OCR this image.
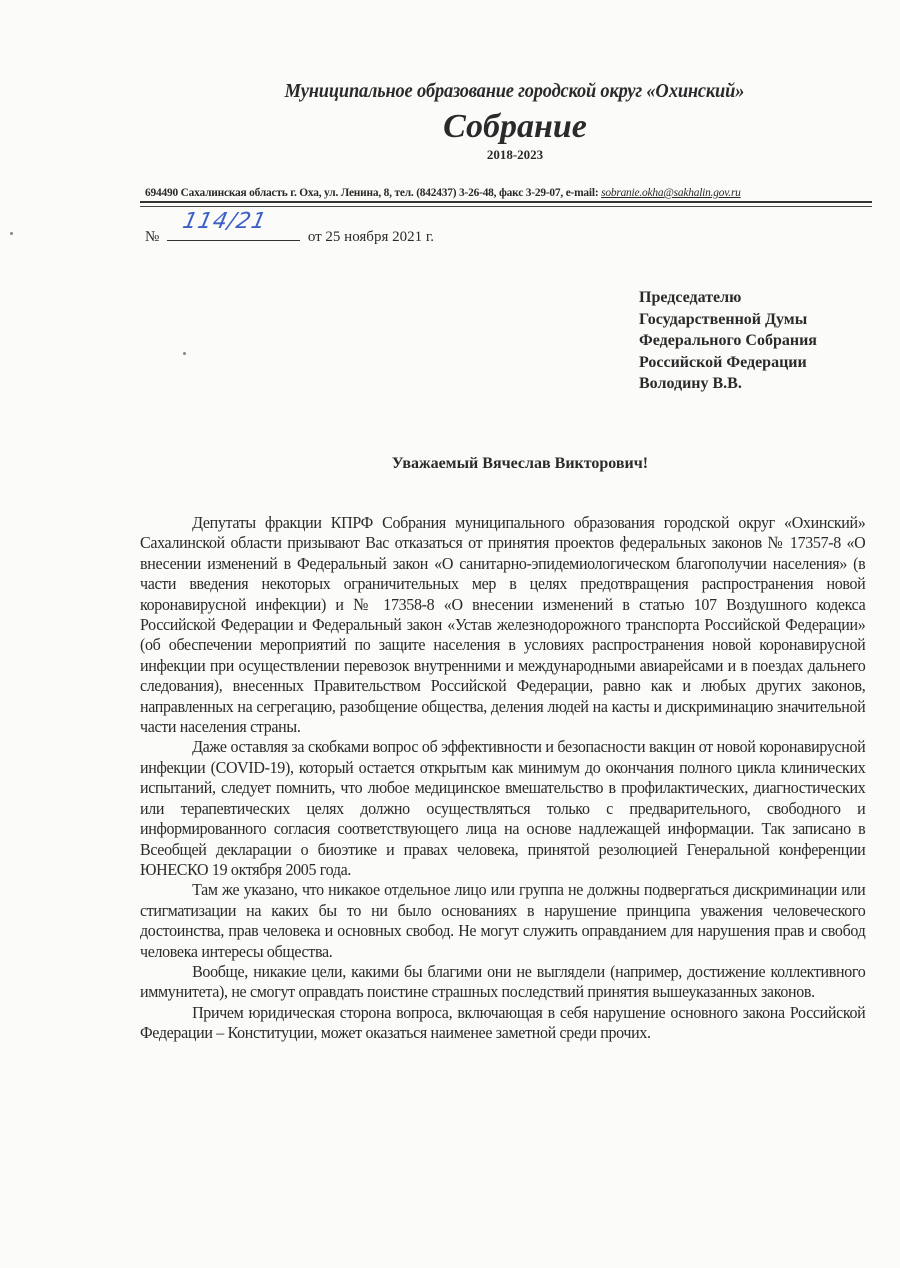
Муниципальное образование городской округ «Охинский»
Собрание
2018-2023
694490 Сахалинская область г. Оха, ул. Ленина, 8, тел. (842437) 3-26-48, факс 3-29-07, e-mail: sobranie.okha@sakhalin.gov.ru
№
114/21
от 25 ноября 2021 г.
Председателю
Государственной Думы
Федерального Собрания
Российской Федерации
Володину В.В.
Уважаемый Вячеслав Викторович!

Депутаты фракции КПРФ Собрания муниципального образования городской округ «Охинский» Сахалинской области призывают Вас отказаться от принятия проектов федеральных законов № 17357-8 «О внесении изменений в Федеральный закон «О санитарно-эпидемиологическом благополучии населения» (в части введения некоторых ограничительных мер в целях предотвращения распространения новой коронавирусной инфекции) и № 17358-8 «О внесении изменений в статью 107 Воздушного кодекса Российской Федерации и Федеральный закон «Устав железнодорожного транспорта Российской Федерации» (об обеспечении мероприятий по защите населения в условиях распространения новой коронавирусной инфекции при осуществлении перевозок внутренними и международными авиарейсами и в поездах дальнего следования), внесенных Правительством Российской Федерации, равно как и любых других законов, направленных на сегрегацию, разобщение общества, деления людей на касты и дискриминацию значительной части населения страны.

Даже оставляя за скобками вопрос об эффективности и безопасности вакцин от новой коронавирусной инфекции (COVID-19), который остается открытым как минимум до окончания полного цикла клинических испытаний, следует помнить, что любое медицинское вмешательство в профилактических, диагностических или терапевтических целях должно осуществляться только с предварительного, свободного и информированного согласия соответствующего лица на основе надлежащей информации. Так записано в Всеобщей декларации о биоэтике и правах человека, принятой резолюцией Генеральной конференции ЮНЕСКО 19 октября 2005 года.

Там же указано, что никакое отдельное лицо или группа не должны подвергаться дискриминации или стигматизации на каких бы то ни было основаниях в нарушение принципа уважения человеческого достоинства, прав человека и основных свобод. Не могут служить оправданием для нарушения прав и свобод человека интересы общества.

Вообще, никакие цели, какими бы благими они не выглядели (например, достижение коллективного иммунитета), не смогут оправдать поистине страшных последствий принятия вышеуказанных законов.

Причем юридическая сторона вопроса, включающая в себя нарушение основного закона Российской Федерации – Конституции, может оказаться наименее заметной среди прочих.
